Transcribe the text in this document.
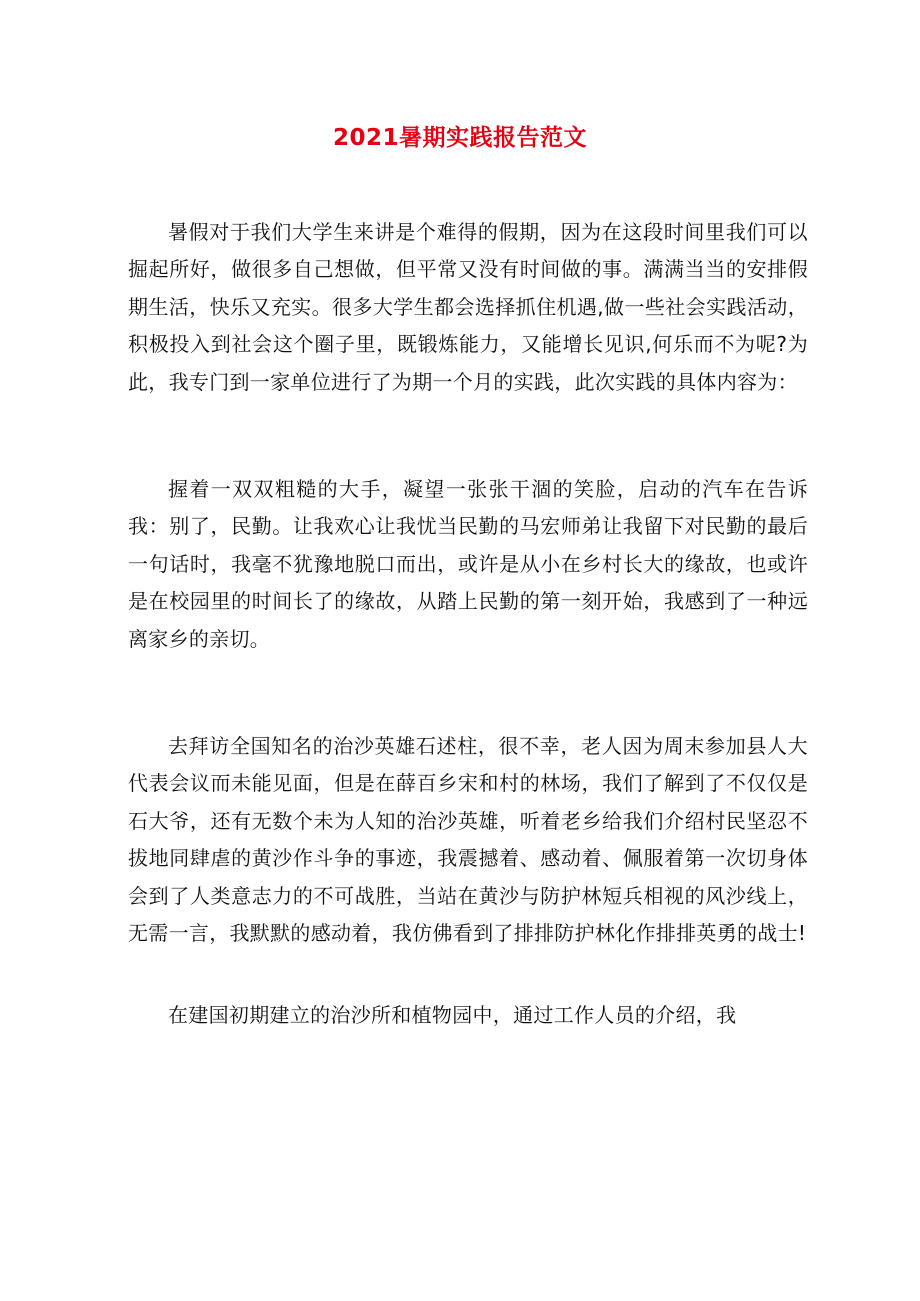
2021暑期实践报告范文

暑假对于我们大学生来讲是个难得的假期，因为在这段时间里我们可以掘起所好，做很多自己想做，但平常又没有时间做的事。满满当当的安排假期生活，快乐又充实。很多大学生都会选择抓住机遇,做一些社会实践活动，积极投入到社会这个圈子里，既锻炼能力，又能增长见识,何乐而不为呢?为此，我专门到一家单位进行了为期一个月的实践，此次实践的具体内容为：

握着一双双粗糙的大手，凝望一张张干涸的笑脸，启动的汽车在告诉我：别了，民勤。让我欢心让我忧当民勤的马宏师弟让我留下对民勤的最后一句话时，我毫不犹豫地脱口而出，或许是从小在乡村长大的缘故，也或许是在校园里的时间长了的缘故，从踏上民勤的第一刻开始，我感到了一种远离家乡的亲切。

去拜访全国知名的治沙英雄石述柱，很不幸，老人因为周末参加县人大代表会议而未能见面，但是在薛百乡宋和村的林场，我们了解到了不仅仅是石大爷，还有无数个未为人知的治沙英雄，听着老乡给我们介绍村民坚忍不拔地同肆虐的黄沙作斗争的事迹，我震撼着、感动着、佩服着第一次切身体会到了人类意志力的不可战胜，当站在黄沙与防护林短兵相视的风沙线上，无需一言，我默默的感动着，我仿佛看到了排排防护林化作排排英勇的战士!

在建国初期建立的治沙所和植物园中，通过工作人员的介绍，我
